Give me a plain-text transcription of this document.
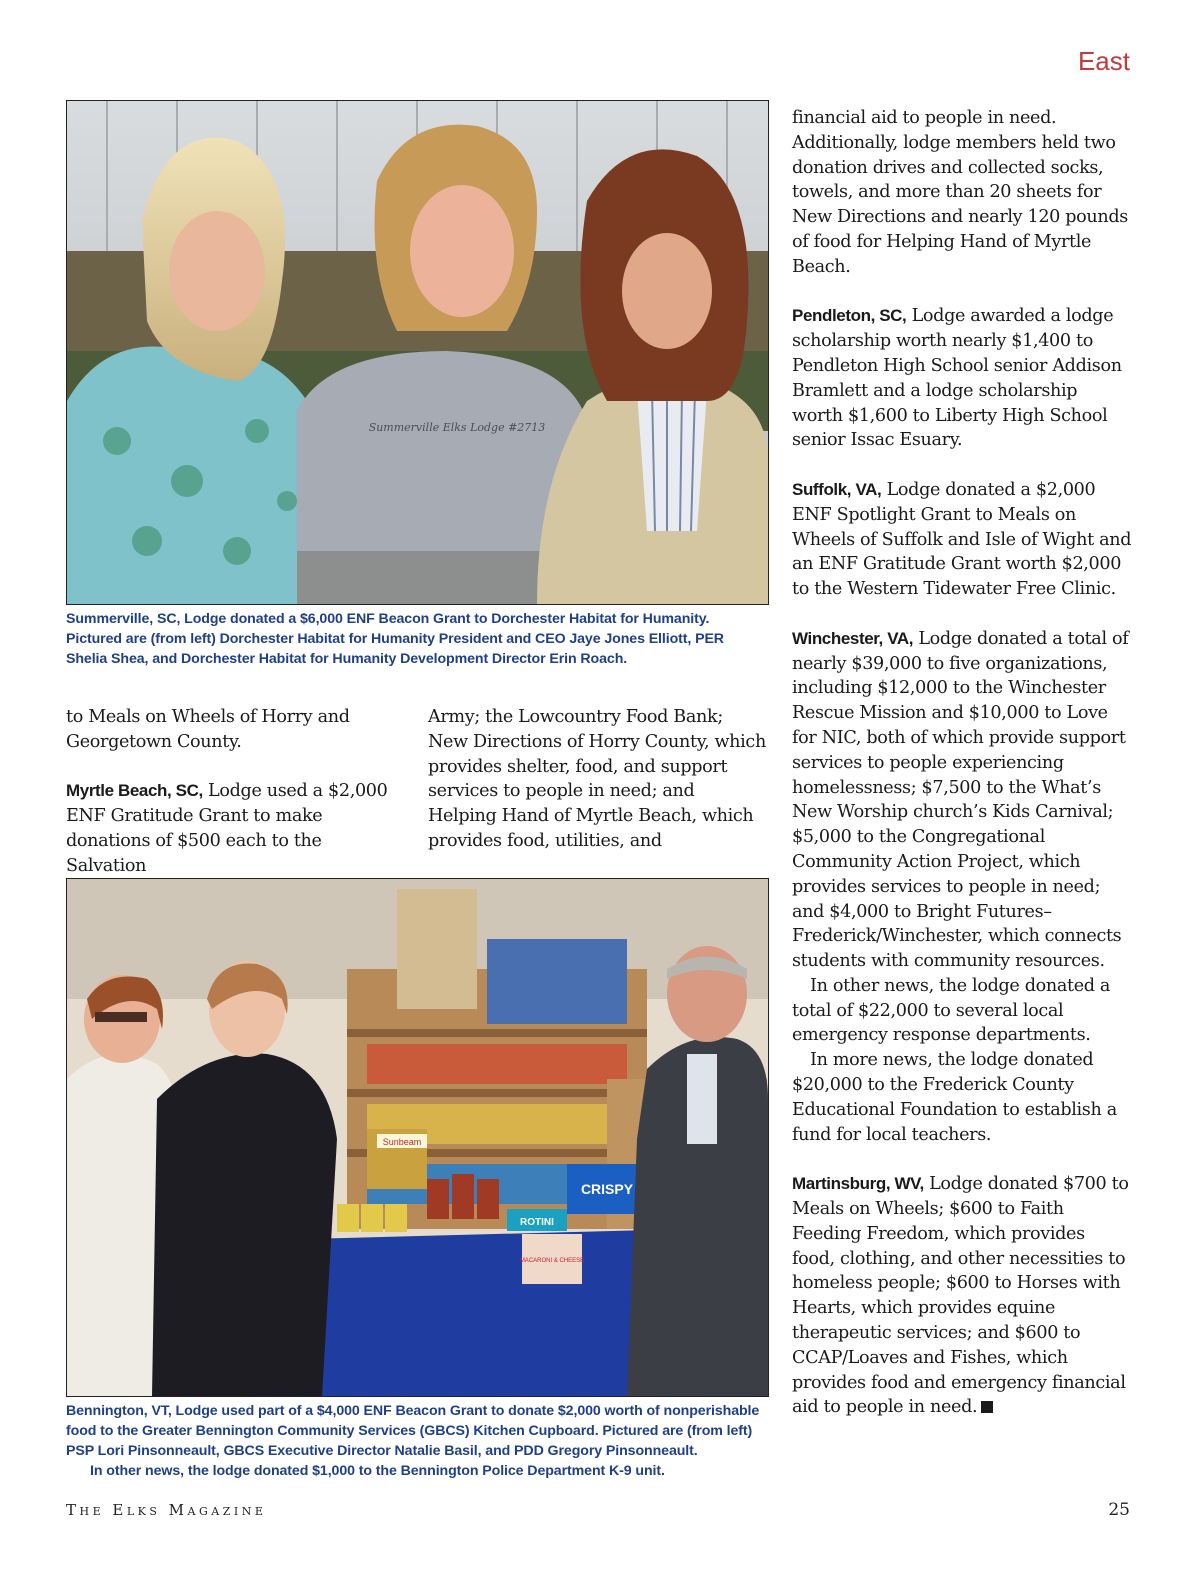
East
Summerville Elks Lodge #2713
Summerville, SC, Lodge donated a $6,000 ENF Beacon Grant to Dorchester Habitat for Humanity. Pictured are (from left) Dorchester Habitat for Humanity President and CEO Jaye Jones Elliott, PER Shelia Shea, and Dorchester Habitat for Humanity Development Director Erin Roach.

to Meals on Wheels of Horry and Georgetown County.

Myrtle Beach, SC, Lodge used a $2,000 ENF Gratitude Grant to make donations of $500 each to the Salvation

Army; the Lowcountry Food Bank; New Directions of Horry County, which provides shelter, food, and support services to people in need; and Helping Hand of Myrtle Beach, which provides food, utilities, and

Sunbeam
CRISPY
ROTINI
MACARONI & CHEESE
Bennington, VT, Lodge used part of a $4,000 ENF Beacon Grant to donate $2,000 worth of nonperishable food to the Greater Bennington Community Services (GBCS) Kitchen Cupboard. Pictured are (from left) PSP Lori Pinsonneault, GBCS Executive Director Natalie Basil, and PDD Gregory Pinsonneault.
In other news, the lodge donated $1,000 to the Bennington Police Department K-9 unit.

financial aid to people in need. Additionally, lodge members held two donation drives and collected socks, towels, and more than 20 sheets for New Directions and nearly 120 pounds of food for Helping Hand of Myrtle Beach.

Pendleton, SC, Lodge awarded a lodge scholarship worth nearly $1,400 to Pendleton High School senior Addison Bramlett and a lodge scholarship worth $1,600 to Liberty High School senior Issac Esuary.

Suffolk, VA, Lodge donated a $2,000 ENF Spotlight Grant to Meals on Wheels of Suffolk and Isle of Wight and an ENF Gratitude Grant worth $2,000 to the Western Tidewater Free Clinic.

Winchester, VA, Lodge donated a total of nearly $39,000 to five organizations, including $12,000 to the Winchester Rescue Mission and $10,000 to Love for NIC, both of which provide support services to people experiencing homelessness; $7,500 to the What’s New Worship church’s Kids Carnival; $5,000 to the Congregational Community Action Project, which provides services to people in need; and $4,000 to Bright Futures–Frederick/Winchester, which connects students with community resources.

In other news, the lodge donated a total of $22,000 to several local emergency response departments.

In more news, the lodge donated $20,000 to the Frederick County Educational Foundation to establish a fund for local teachers.

Martinsburg, WV, Lodge donated $700 to Meals on Wheels; $600 to Faith Feeding Freedom, which provides food, clothing, and other necessities to homeless people; $600 to Horses with Hearts, which provides equine therapeutic services; and $600 to CCAP/Loaves and Fishes, which provides food and emergency financial aid to people in need.

The Elks Magazine	25
